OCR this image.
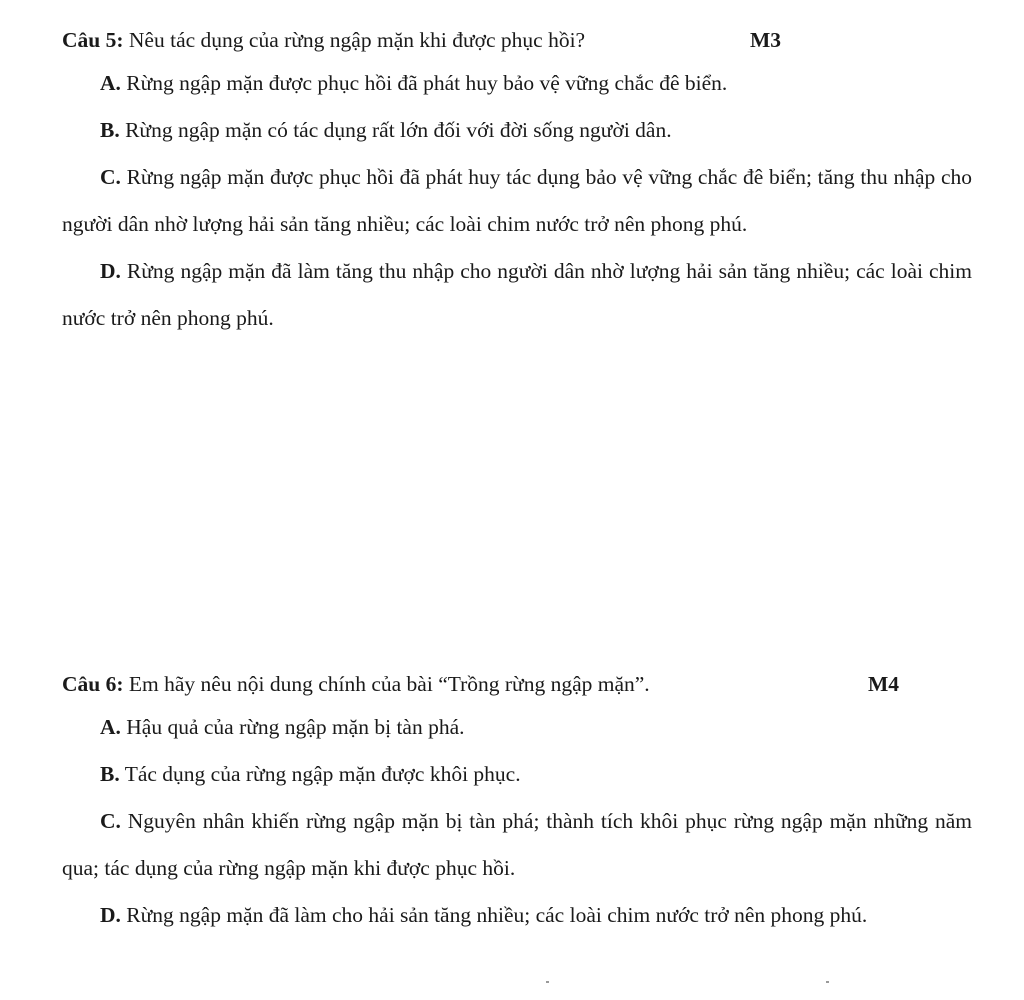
Câu 5: Nêu tác dụng của rừng ngập mặn khi được phục hồi?	M3

A. Rừng ngập mặn được phục hồi đã phát huy bảo vệ vững chắc đê biển.

B. Rừng ngập mặn có tác dụng rất lớn đối với đời sống người dân.

C. Rừng ngập mặn được phục hồi đã phát huy tác dụng bảo vệ vững chắc đê biển; tăng thu nhập cho người dân nhờ lượng hải sản tăng nhiều; các loài chim nước trở nên phong phú.

D. Rừng ngập mặn đã làm tăng thu nhập cho người dân nhờ lượng hải sản tăng nhiều; các loài chim nước trở nên phong phú.

Câu 6: Em hãy nêu nội dung chính của bài “Trồng rừng ngập mặn”.	M4

A. Hậu quả của rừng ngập mặn bị tàn phá.

B. Tác dụng của rừng ngập mặn được khôi phục.

C. Nguyên nhân khiến rừng ngập mặn bị tàn phá; thành tích khôi phục rừng ngập mặn những năm qua; tác dụng của rừng ngập mặn khi được phục hồi.

D. Rừng ngập mặn đã làm cho hải sản tăng nhiều; các loài chim nước trở nên phong phú.
